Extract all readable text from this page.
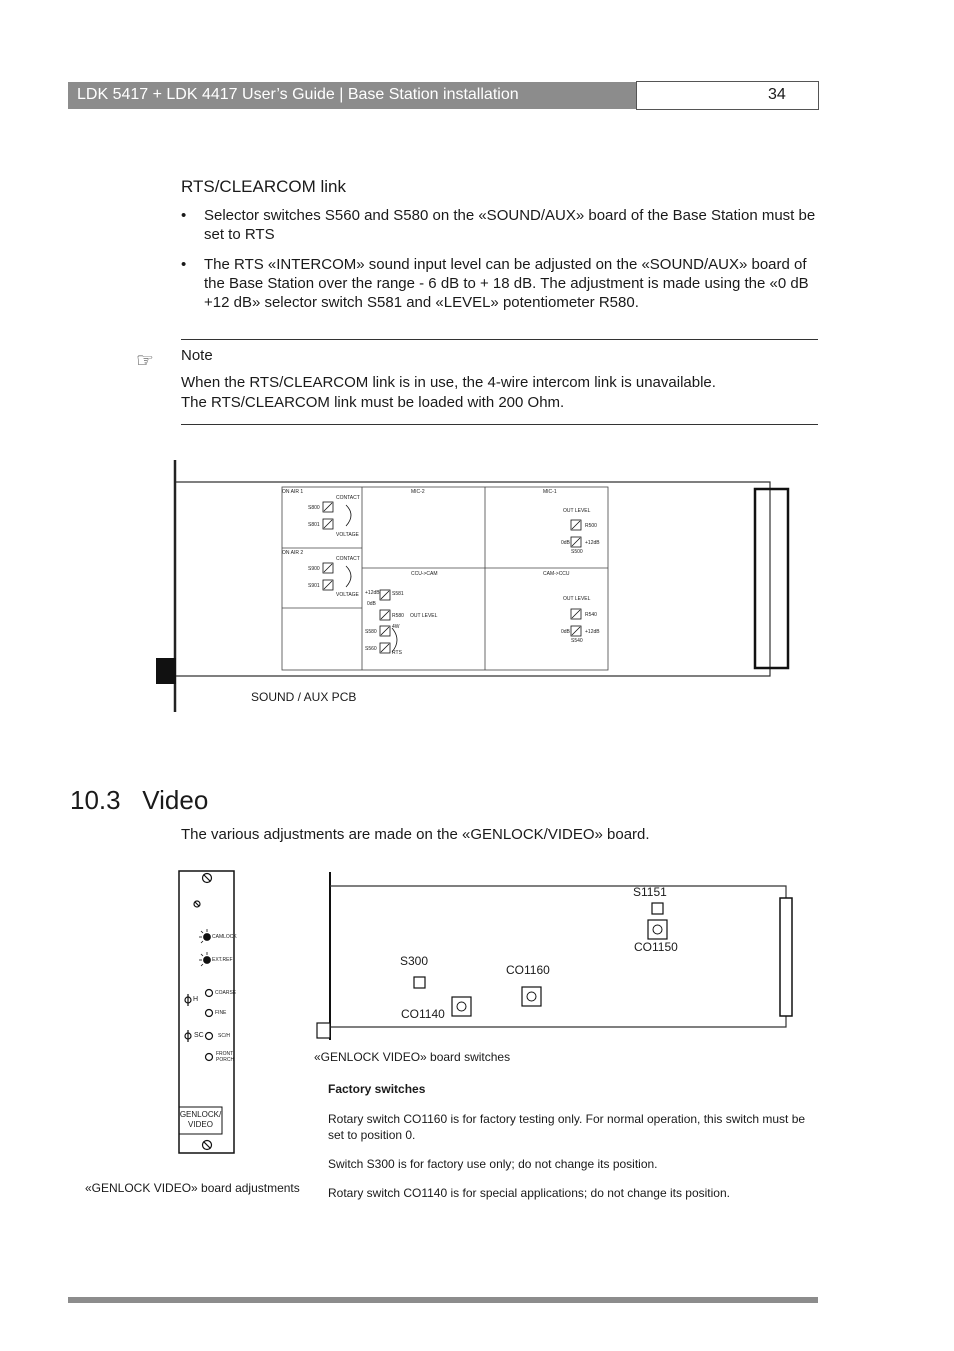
LDK 5417 + LDK 4417 User’s Guide | Base Station installation	34
RTS/CLEARCOM link
• Selector switches S560 and S580 on the «SOUND/AUX» board of the Base Station must be set to RTS
• The RTS «INTERCOM» sound input level can be adjusted on the «SOUND/AUX» board of the Base Station over the range - 6 dB to + 18 dB. The adjustment is made using the «0 dB +12 dB» selector switch S581 and «LEVEL» potentiometer R580.
☞ Note
When the RTS/CLEARCOM link is in use, the 4-wire intercom link is unavailable.
The RTS/CLEARCOM link must be loaded with 200 Ohm.
ON AIR 1
CONTACT
S800
S801
VOLTAGE
ON AIR 2
CONTACT
S900
S901
VOLTAGE
MIC-2	MIC-1
OUT LEVEL
R500
0dB	+12dB
S500
CCU->CAM	CAM->CCU
OUT LEVEL
R540
0dB	+12dB
S540
+12dB S581
0dB
R580 OUT LEVEL
4W
S580
S560
RTS
SOUND / AUX PCB
10.3 Video
The various adjustments are made on the «GENLOCK/VIDEO» board.
CAMLOCK
EXT.REF
COARSE
H
FINE
SC	SC/H
FRONT
PORCH
GENLOCK/
VIDEO
«GENLOCK VIDEO» board adjustments
S1151
CO1150
S300
CO1160
CO1140
«GENLOCK VIDEO» board switches
Factory switches
Rotary switch CO1160 is for factory testing only. For normal operation, this switch must be set to position 0.
Switch S300 is for factory use only; do not change its position.
Rotary switch CO1140 is for special applications; do not change its position.
